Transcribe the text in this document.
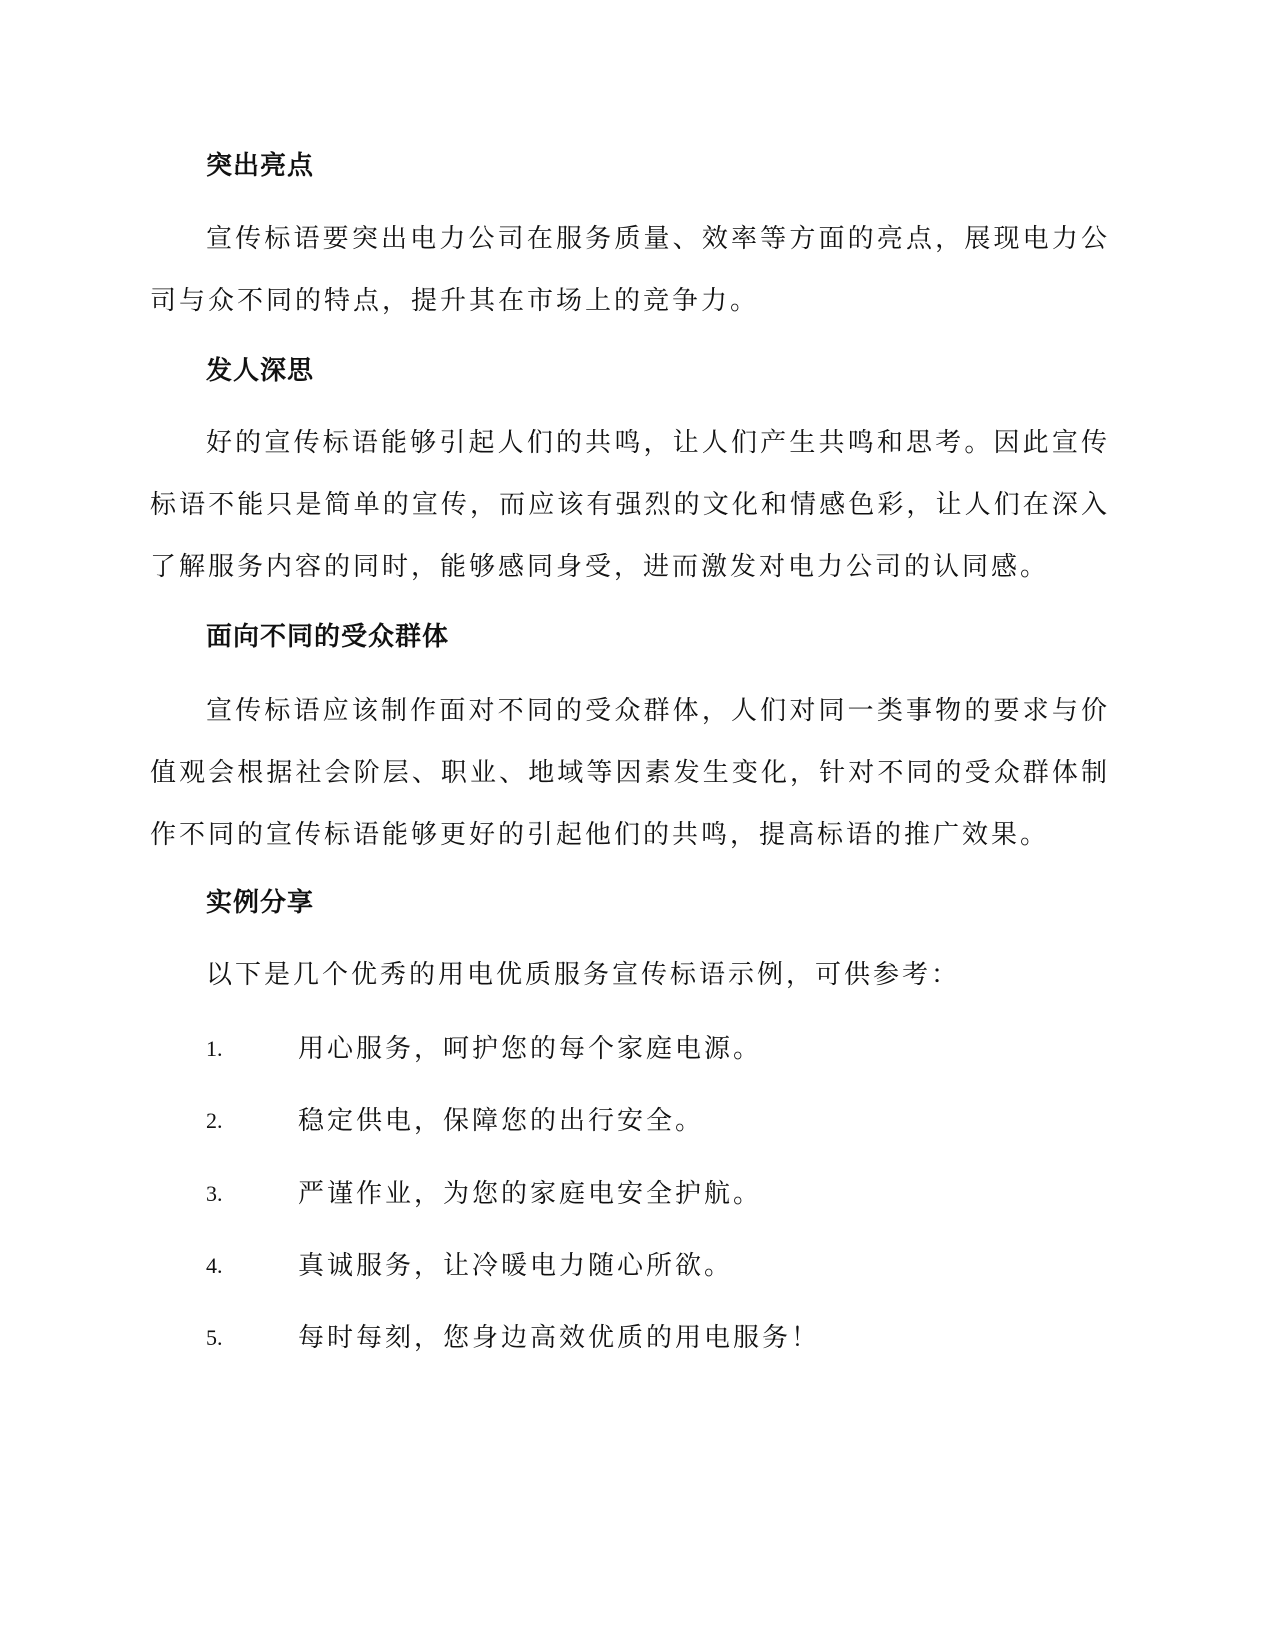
突出亮点
宣传标语要突出电力公司在服务质量、效率等方面的亮点，展现电力公司与众不同的特点，提升其在市场上的竞争力。
发人深思
好的宣传标语能够引起人们的共鸣，让人们产生共鸣和思考。因此宣传标语不能只是简单的宣传，而应该有强烈的文化和情感色彩，让人们在深入了解服务内容的同时，能够感同身受，进而激发对电力公司的认同感。
面向不同的受众群体
宣传标语应该制作面对不同的受众群体，人们对同一类事物的要求与价值观会根据社会阶层、职业、地域等因素发生变化，针对不同的受众群体制作不同的宣传标语能够更好的引起他们的共鸣，提高标语的推广效果。
实例分享
以下是几个优秀的用电优质服务宣传标语示例，可供参考：
1.	用心服务，呵护您的每个家庭电源。
2.	稳定供电，保障您的出行安全。
3.	严谨作业，为您的家庭电安全护航。
4.	真诚服务，让冷暖电力随心所欲。
5.	每时每刻，您身边高效优质的用电服务！
